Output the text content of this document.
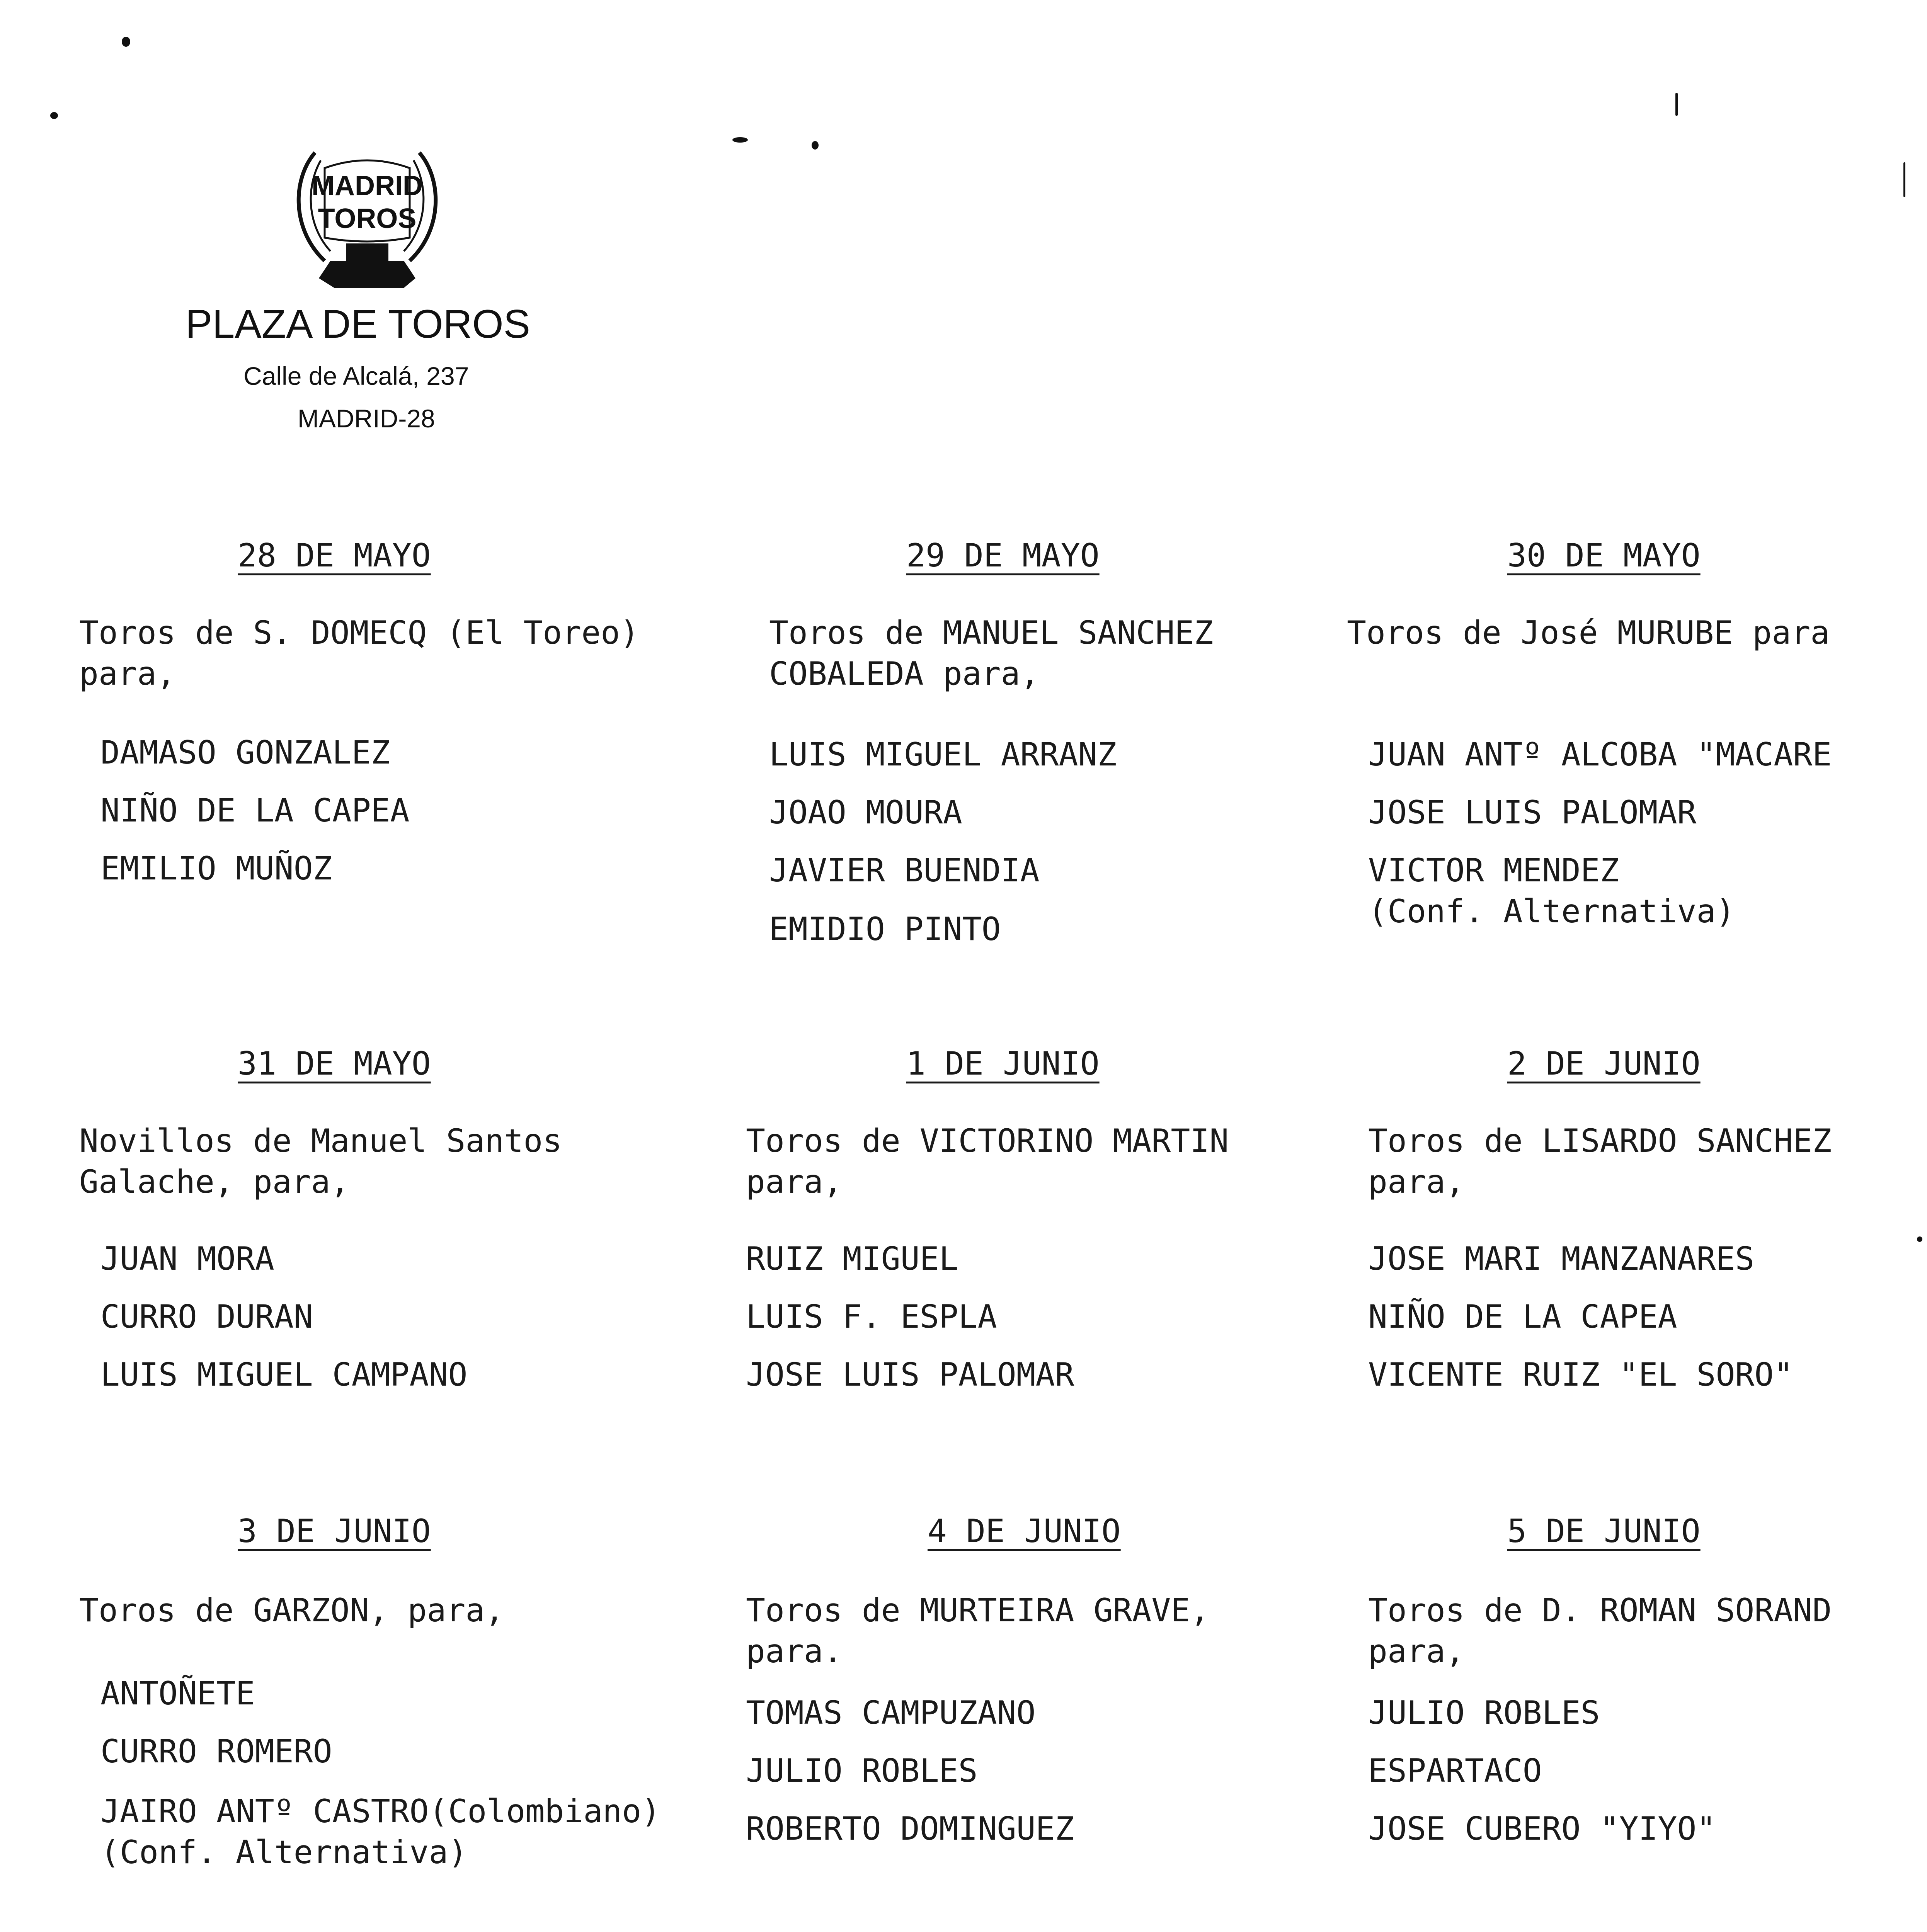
MADRID
TOROS
PLAZA DE TOROS
Calle de Alcalá, 237
MADRID-28
28 DE MAYO
Toros de S. DOMECQ (El Toreo)
para,
DAMASO GONZALEZ
NIÑO DE LA CAPEA
EMILIO MUÑOZ
29 DE MAYO
Toros de MANUEL SANCHEZ
COBALEDA para,
LUIS MIGUEL ARRANZ
JOAO MOURA
JAVIER BUENDIA
EMIDIO PINTO
30 DE MAYO
Toros de José MURUBE para
JUAN ANTº ALCOBA "MACARE
JOSE LUIS PALOMAR
VICTOR MENDEZ
(Conf. Alternativa)
31 DE MAYO
Novillos de Manuel Santos
Galache, para,
JUAN MORA
CURRO DURAN
LUIS MIGUEL CAMPANO
1 DE JUNIO
Toros de VICTORINO MARTIN
para,
RUIZ MIGUEL
LUIS F. ESPLA
JOSE LUIS PALOMAR
2 DE JUNIO
Toros de LISARDO SANCHEZ
para,
JOSE MARI MANZANARES
NIÑO DE LA CAPEA
VICENTE RUIZ "EL SORO"
3 DE JUNIO
Toros de GARZON, para,
ANTOÑETE
CURRO ROMERO
JAIRO ANTº CASTRO(Colombiano)
(Conf. Alternativa)
4 DE JUNIO
Toros de MURTEIRA GRAVE,
para.
TOMAS CAMPUZANO
JULIO ROBLES
ROBERTO DOMINGUEZ
5 DE JUNIO
Toros de D. ROMAN SORAND
para,
JULIO ROBLES
ESPARTACO
JOSE CUBERO "YIYO"
